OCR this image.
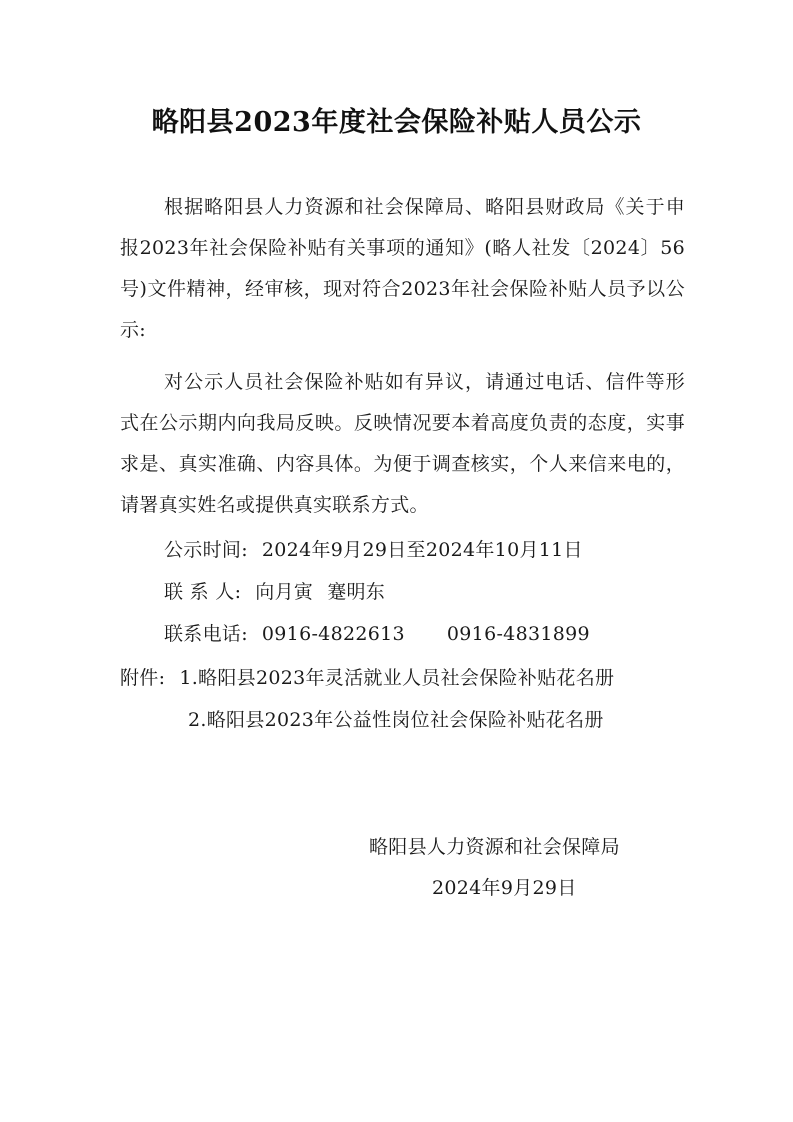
略阳县2023年度社会保险补贴人员公示
根据略阳县人力资源和社会保障局、略阳县财政局《关于申报2023年社会保险补贴有关事项的通知》(略人社发〔2024〕56号)文件精神，经审核，现对符合2023年社会保险补贴人员予以公示:
对公示人员社会保险补贴如有异议，请通过电话、信件等形式在公示期内向我局反映。反映情况要本着高度负责的态度，实事求是、真实准确、内容具体。为便于调查核实，个人来信来电的，请署真实姓名或提供真实联系方式。
公示时间: 2024年9月29日至2024年10月11日
联 系 人: 向月寅 蹇明东
联系电话: 0916-4822613 0916-4831899
附件: 1.略阳县2023年灵活就业人员社会保险补贴花名册
2.略阳县2023年公益性岗位社会保险补贴花名册
略阳县人力资源和社会保障局
2024年9月29日
